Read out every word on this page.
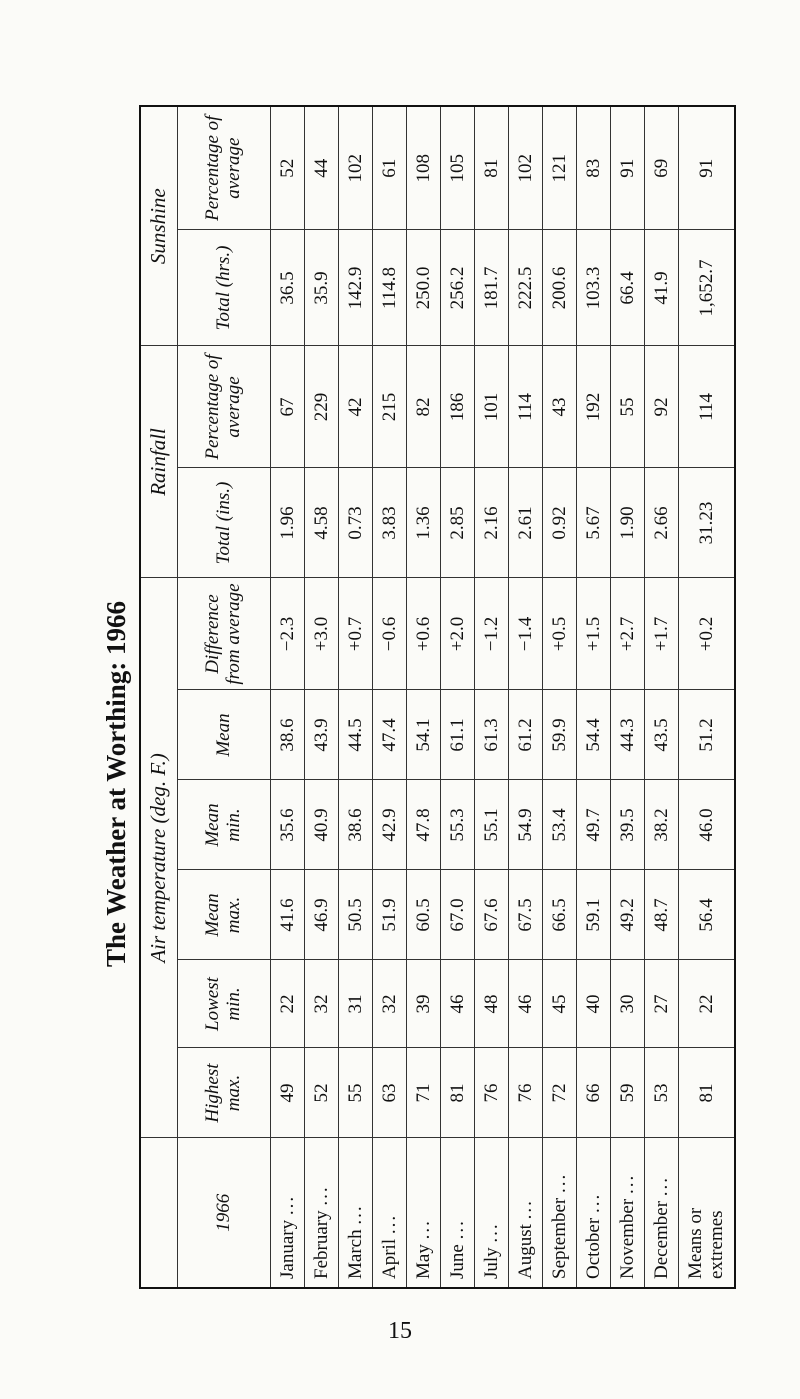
The Weather at Worthing: 1966
	Air temperature (deg. F.)						Rainfall		Sunshine	
1966	Highest max.	Lowest min.	Mean max.	Mean min.	Mean	Difference from average	Total (ins.)	Percentage of average	Total (hrs.)	Percentage of average
January ...	49	22	41.6	35.6	38.6	−2.3	1.96	67	36.5	52
February ...	52	32	46.9	40.9	43.9	+3.0	4.58	229	35.9	44
March ...	55	31	50.5	38.6	44.5	+0.7	0.73	42	142.9	102
April ...	63	32	51.9	42.9	47.4	−0.6	3.83	215	114.8	61
May ...	71	39	60.5	47.8	54.1	+0.6	1.36	82	250.0	108
June ...	81	46	67.0	55.3	61.1	+2.0	2.85	186	256.2	105
July ...	76	48	67.6	55.1	61.3	−1.2	2.16	101	181.7	81
August ...	76	46	67.5	54.9	61.2	−1.4	2.61	114	222.5	102
September ...	72	45	66.5	53.4	59.9	+0.5	0.92	43	200.6	121
October ...	66	40	59.1	49.7	54.4	+1.5	5.67	192	103.3	83
November ...	59	30	49.2	39.5	44.3	+2.7	1.90	55	66.4	91
December ...	53	27	48.7	38.2	43.5	+1.7	2.66	92	41.9	69
Means or
extremes	81	22	56.4	46.0	51.2	+0.2	31.23	114	1,652.7	91
15
